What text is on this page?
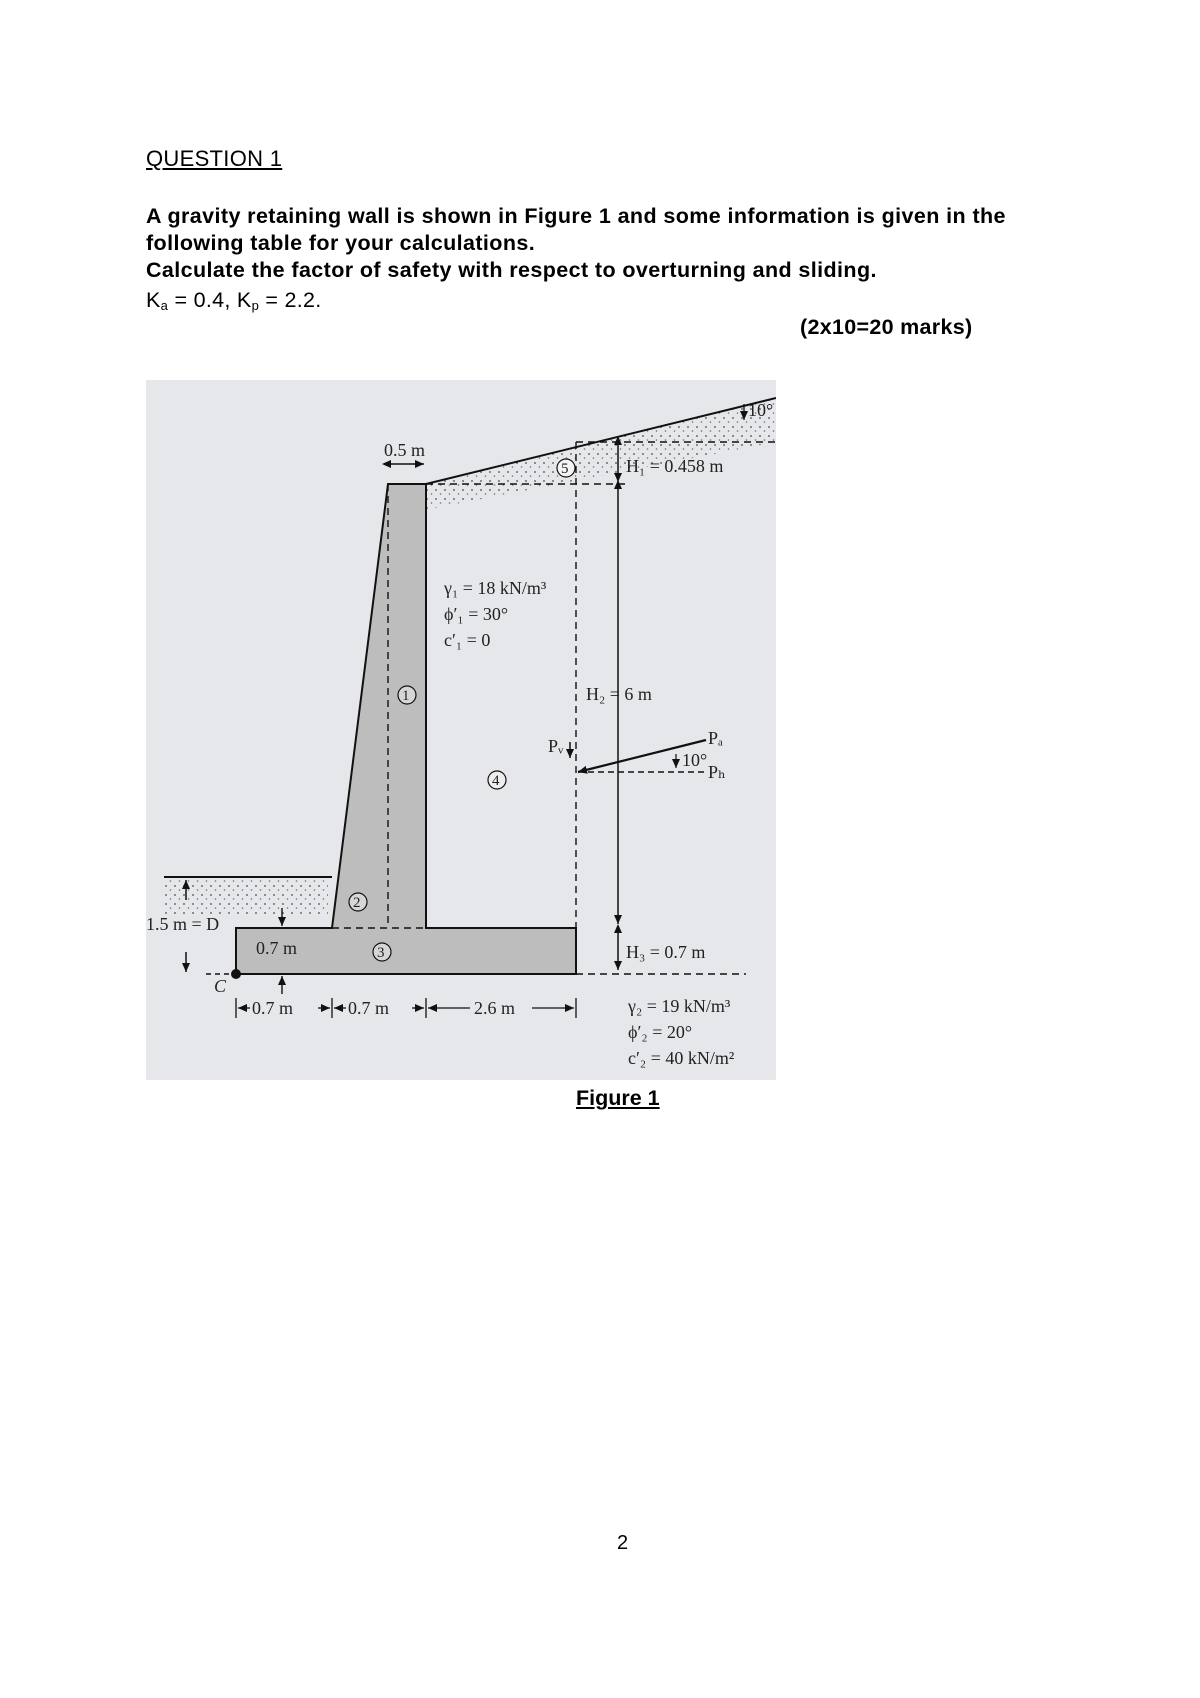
QUESTION 1
A gravity retaining wall is shown in Figure 1 and some information is given in the
following table for your calculations.
Calculate the factor of safety with respect to overturning and sliding.
$K_a = 0.4$, $K_p = 2.2$.
(2x10=20 marks)
0.5 m
5	H₁ = 0.458 m
10°
H₂ = 6 m
γ₁ = 18 kN/m³
ϕ′₁ = 30°
c′₁ = 0
1
4
Pᵥ	Pₐ
Pₕ
10°
2
3
1.5 m = D
0.7 m
C
H₃ = 0.7 m
0.7 m	0.7 m	2.6 m	γ₂ = 19 kN/m³
ϕ′₂ = 20°
c′₂ = 40 kN/m²
Figure 1
2
